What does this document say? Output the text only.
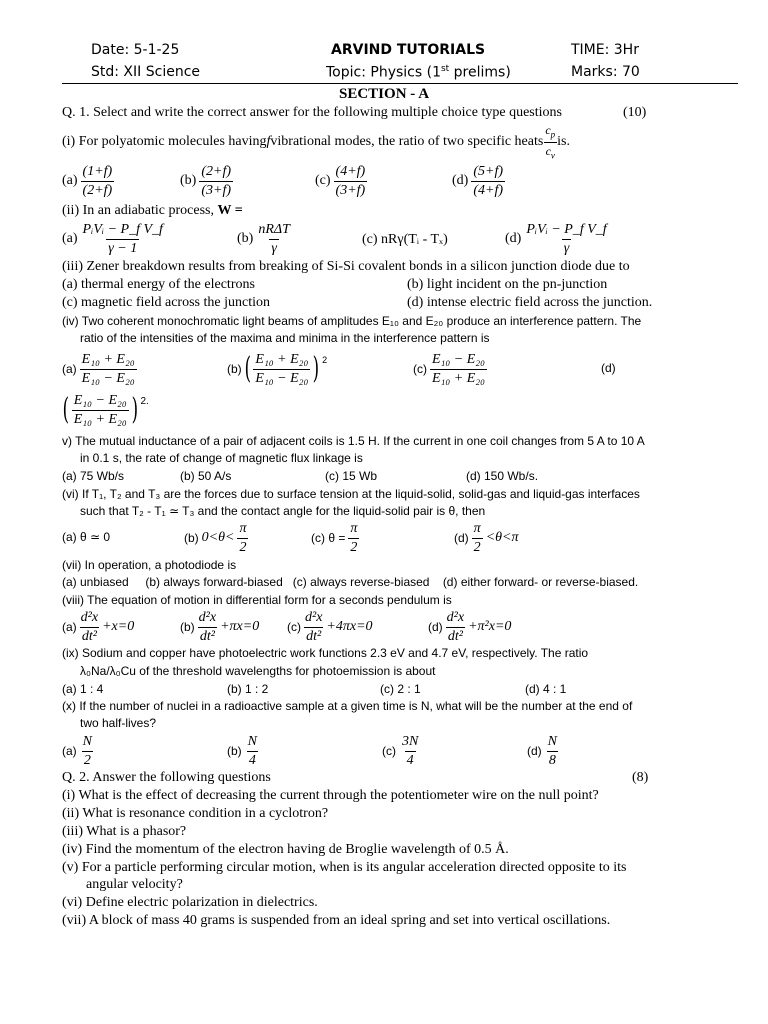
Date: 5-1-25	ARVIND TUTORIALS	TIME: 3Hr
Std: XII Science	Topic: Physics (1st prelims)	Marks: 70
SECTION - A
Q. 1. Select and write the correct answer for the following multiple choice type questions	(10)
(i) For polyatomic molecules having f vibrational modes, the ratio of two specific heats
$c_p$
$c_v$
is.
(a)
(1+f)
(2+f)
(b)
(2+f)
(3+f)
(c)
(4+f)
(3+f)
(d)
(5+f)
(4+f)
(ii) In an adiabatic process, W =
(a)
PᵢVᵢ − P_f V_f
γ − 1
(b)
nRΔT
γ
(c) nRγ(Tᵢ - Tₓ)	(d)
PᵢVᵢ − P_f V_f
γ
(iii) Zener breakdown results from breaking of Si-Si covalent bonds in a silicon junction diode due to
(a) thermal energy of the electrons	(b) light incident on the pn-junction
(c) magnetic field across the junction	(d) intense electric field across the junction.
(iv) Two coherent monochromatic light beams of amplitudes E₁₀ and E₂₀ produce an interference pattern. The
ratio of the intensities of the maxima and minima in the interference pattern is
(a)
E₁₀ + E₂₀
E₁₀ − E₂₀
(b) ( E₁₀ + E₂₀
E₁₀ − E₂₀ ) $^2$
(c)
E₁₀ − E₂₀
E₁₀ + E₂₀
(d)
( E₁₀ − E₂₀
E₁₀ + E₂₀ ) 2.
v) The mutual inductance of a pair of adjacent coils is 1.5 H. If the current in one coil changes from 5 A to 10 A
in 0.1 s, the rate of change of magnetic flux linkage is
(a) 75 Wb/s	(b) 50 A/s	(c) 15 Wb	(d) 150 Wb/s.
(vi) If T₁, T₂ and T₃ are the forces due to surface tension at the liquid-solid, solid-gas and liquid-gas interfaces
such that T₂ - T₁ ≃ T₃ and the contact angle for the liquid-solid pair is θ, then
(a) θ ≃ 0	(b) 0<θ<
π
2
(c) $\theta = \frac{\pi}{2}$	(d)
π
2
<θ<π
(vii) In operation, a photodiode is
(a) unbiased     (b) always forward-biased   (c) always reverse-biased    (d) either forward- or reverse-biased.
(viii) The equation of motion in differential form for a seconds pendulum is
(a)
d²x
dt²
+x=0	(b)
d²x
dt²
+πx=0 (c)
d²x
dt²
+4πx=0	(d)
d²x
dt²
+π²x=0
(ix) Sodium and copper have photoelectric work functions 2.3 eV and 4.7 eV, respectively. The ratio
λ₀Na/λ₀Cu of the threshold wavelengths for photoemission is about
(a) 1 : 4	(b) 1 : 2	(c) 2 : 1	(d) 4 : 1
(x) If the number of nuclei in a radioactive sample at a given time is N, what will be the number at the end of
two half-lives?
(a)
N
2
(b)
N
4
(c)
3N
4
(d)
N
8
Q. 2. Answer the following questions	(8)
(i) What is the effect of decreasing the current through the potentiometer wire on the null point?
(ii) What is resonance condition in a cyclotron?
(iii) What is a phasor?
(iv) Find the momentum of the electron having de Broglie wavelength of 0.5 Å.
(v) For a particle performing circular motion, when is its angular acceleration directed opposite to its
angular velocity?
(vi) Define electric polarization in dielectrics.
(vii) A block of mass 40 grams is suspended from an ideal spring and set into vertical oscillations.
